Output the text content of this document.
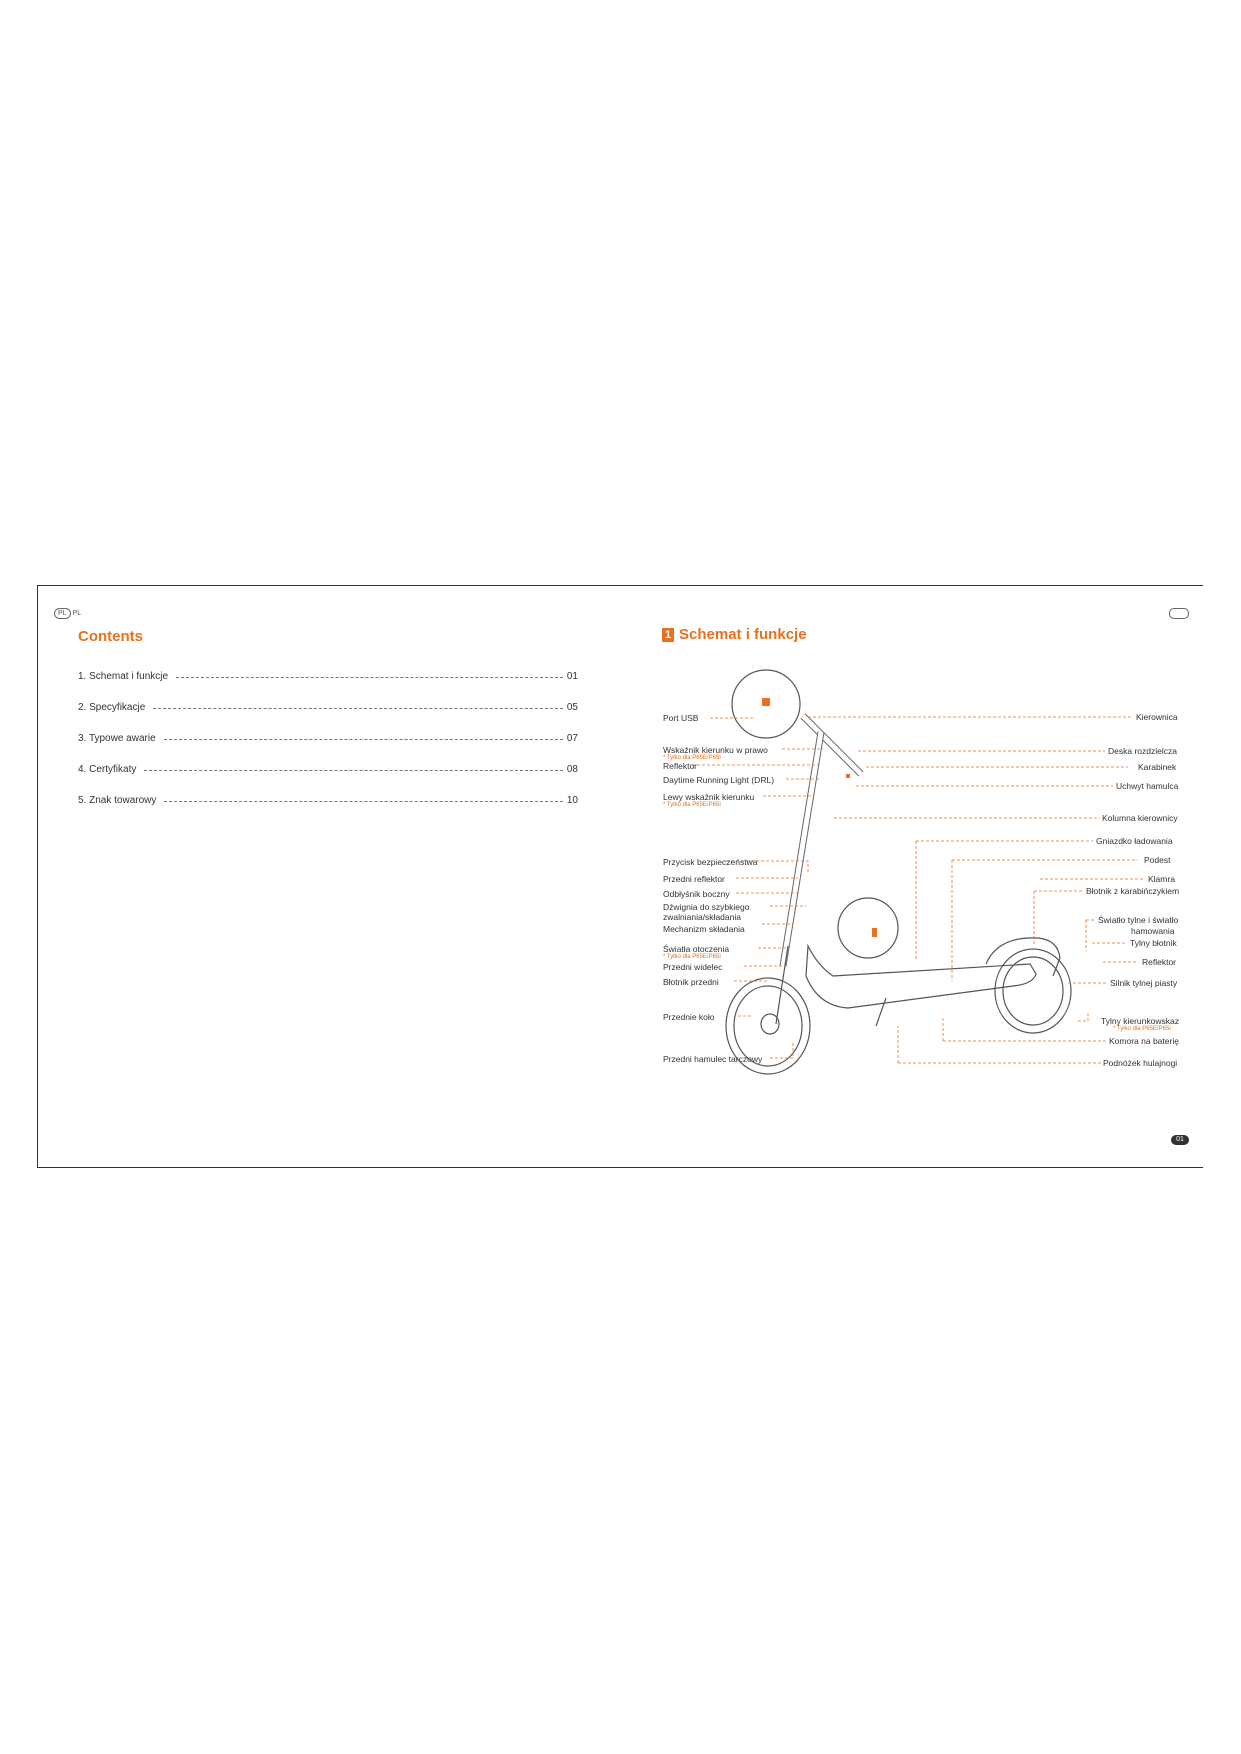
PL PL
Contents
1. Schemat i funkcje	01
2. Specyfikacje	05
3. Typowe awarie	07
4. Certyfikaty	08
5. Znak towarowy	10
1 Schemat i funkcje
Port USB
Wskaźnik kierunku w prawo
* Tylko dla P65E/P65I
Reflektor
Daytime Running Light (DRL)
Lewy wskaźnik kierunku
* Tylko dla P65E/P65I
Przycisk bezpieczeństwa
Przedni reflektor
Odbłyśnik boczny
Dźwignia do szybkiego
zwalniania/składania
Mechanizm składania
Światła otoczenia
* Tylko dla P65E/P65I
Przedni widelec
Błotnik przedni
Przednie koło
Przedni hamulec tarczowy
Kierownica
Deska rozdzielcza
Karabinek
Uchwyt hamulca
Kolumna kierownicy
Gniazdko ładowania
Podest
Klamra
Błotnik z karabińczykiem
Światło tylne i światło
hamowania
Tylny błotnik
Reflektor
Silnik tylnej piasty
Tylny kierunkowskaz
* Tylko dla P65E/P65I
Komora na baterię
Podnóżek hulajnogi
01
